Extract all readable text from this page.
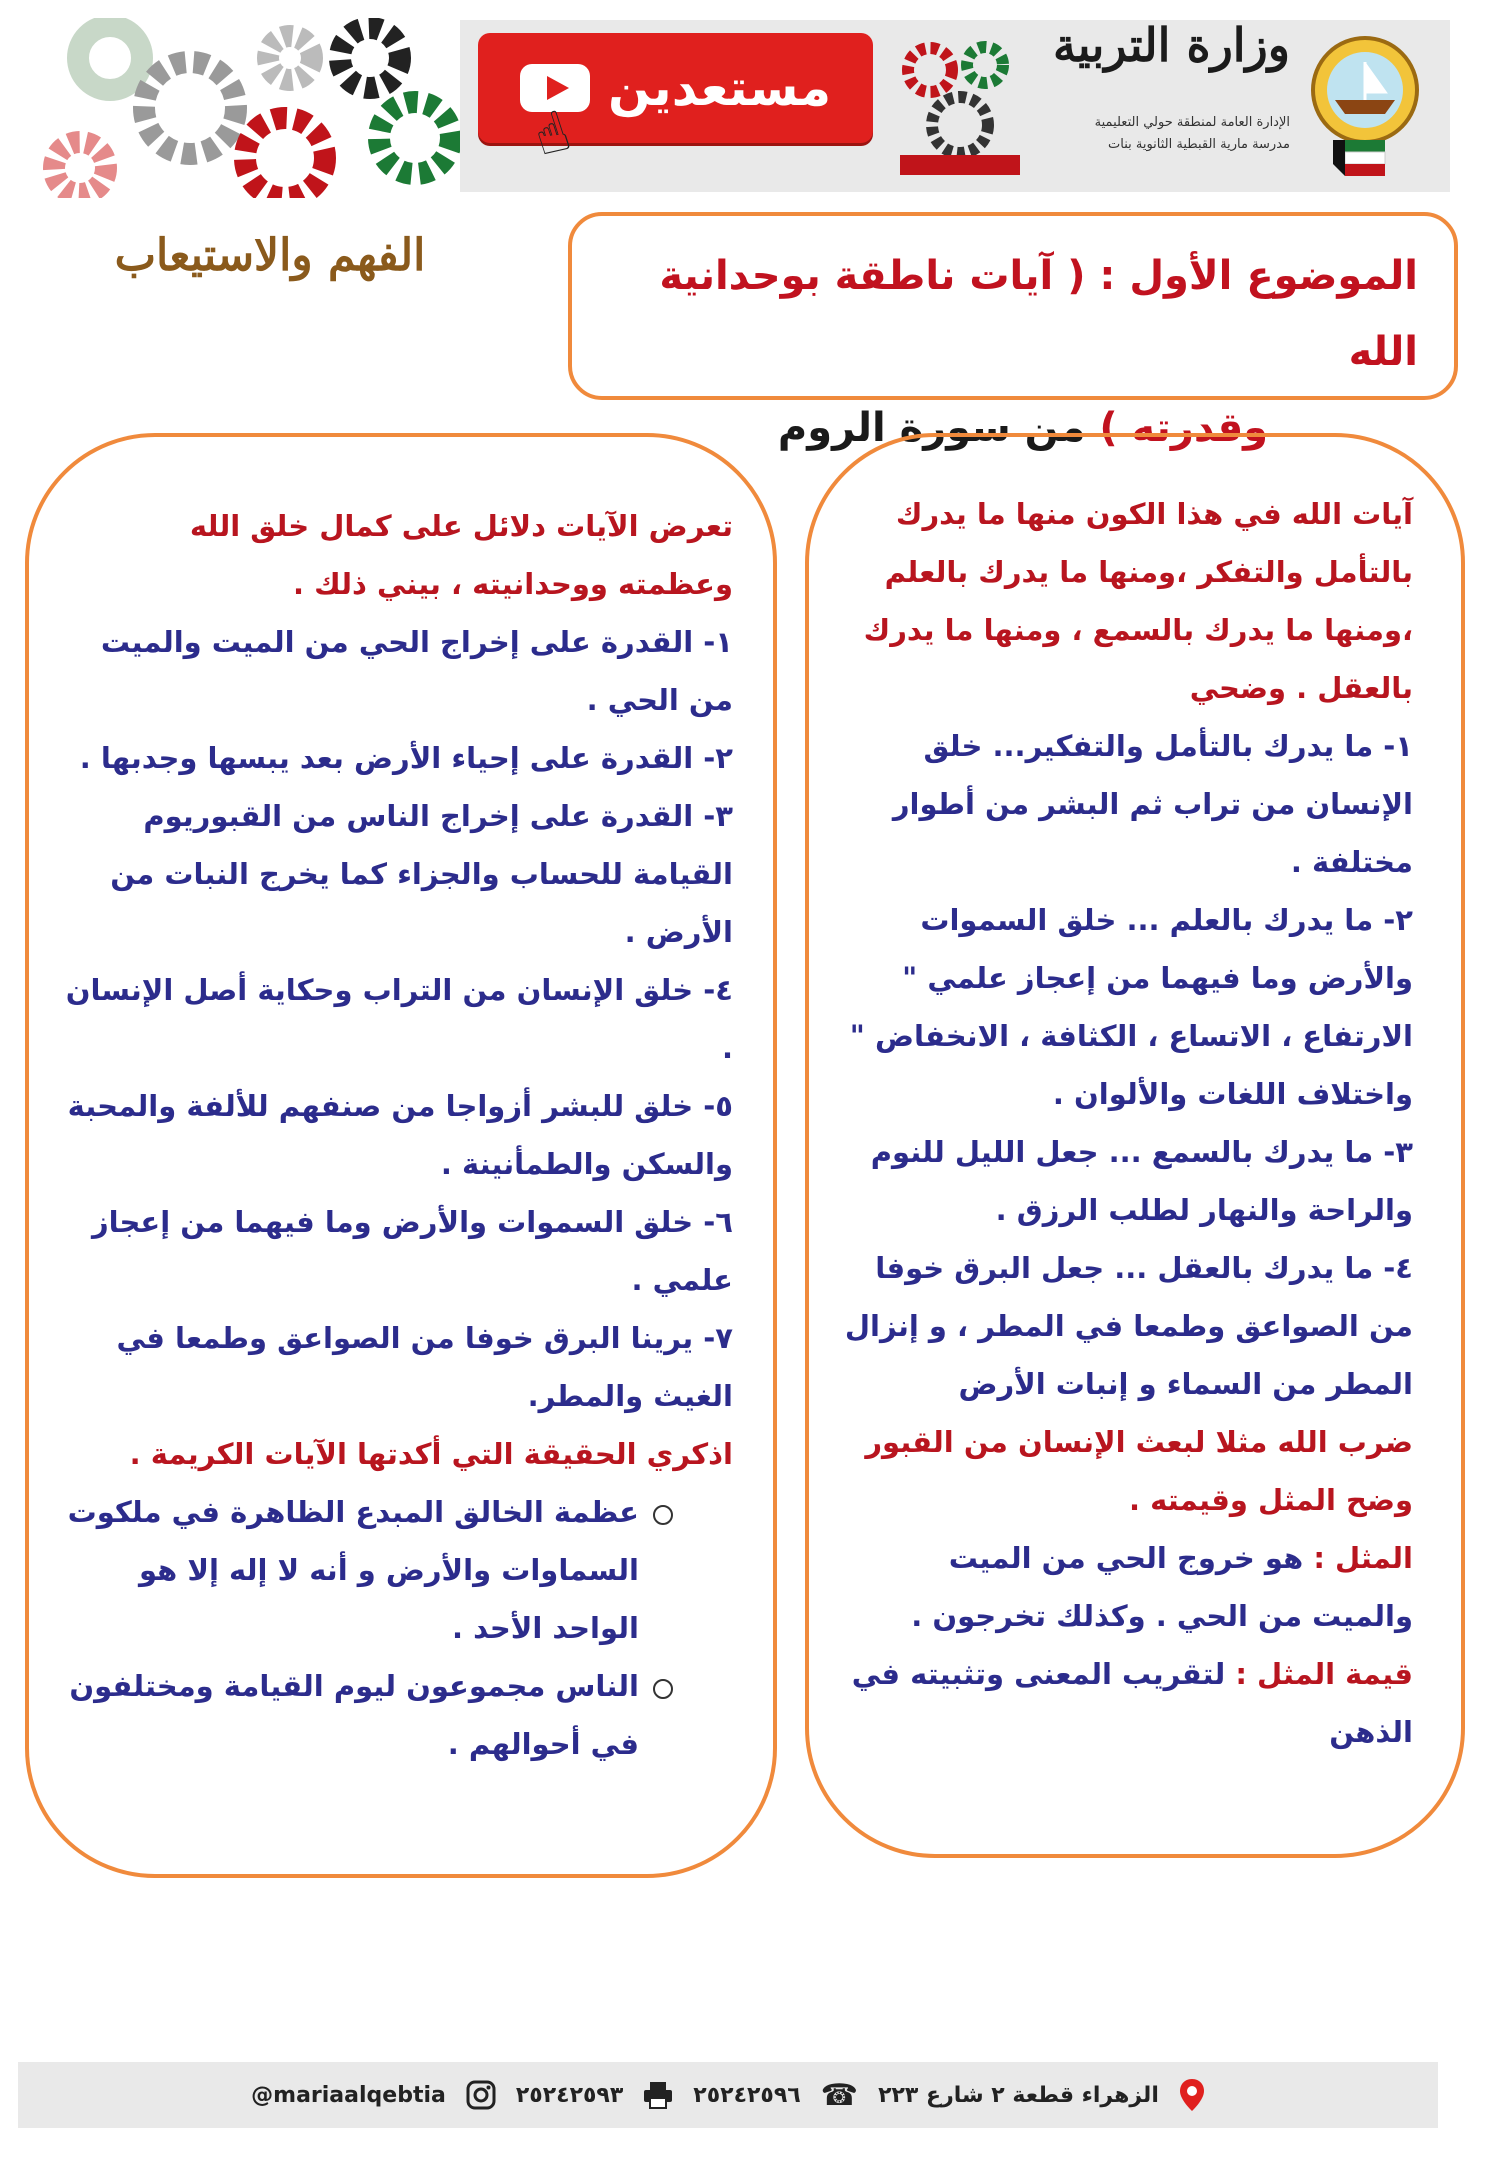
مستعدين
☝
وزارة التربية
الإدارة العامة لمنطقة حولي التعليمية
مدرسة مارية القبطية الثانوية بنات
الفهم والاستيعاب	الموضوع الأول : ( آيات ناطقة بوحدانية الله
وقدرته ) من سورة الروم

آيات الله في هذا الكون منها ما يدرك بالتأمل والتفكر ،ومنها ما يدرك بالعلم ،ومنها ما يدرك بالسمع ، ومنها ما يدرك بالعقل . وضحي

١- ما يدرك بالتأمل والتفكير... خلق الإنسان من تراب ثم البشر من أطوار مختلفة .

٢- ما يدرك بالعلم ... خلق السموات والأرض وما فيهما من إعجاز علمي " الارتفاع ، الاتساع ، الكثافة ، الانخفاض " واختلاف اللغات والألوان .

٣- ما يدرك بالسمع ... جعل الليل للنوم والراحة والنهار لطلب الرزق .

٤- ما يدرك بالعقل ... جعل البرق خوفا من الصواعق وطمعا في المطر ، و إنزال المطر من السماء و إنبات الأرض

ضرب الله مثلا لبعث الإنسان من القبور وضح المثل وقيمته .

المثل : هو خروج الحي من الميت والميت من الحي . وكذلك تخرجون .

قيمة المثل : لتقريب المعنى وتثبيته في الذهن

تعرض الآيات دلائل على كمال خلق الله وعظمته ووحدانيته ، بيني ذلك .

١- القدرة على إخراج الحي من الميت والميت من الحي .

٢- القدرة على إحياء الأرض بعد يبسها وجدبها .

٣- القدرة على إخراج الناس من القبوريوم القيامة للحساب والجزاء كما يخرج النبات من الأرض .

٤- خلق الإنسان من التراب وحكاية أصل الإنسان .

٥- خلق للبشر أزواجا من صنفهم للألفة والمحبة والسكن والطمأنينة .

٦- خلق السموات والأرض وما فيهما من إعجاز علمي .

٧- يرينا البرق خوفا من الصواعق وطمعا في الغيث والمطر.

اذكري الحقيقة التي أكدتها الآيات الكريمة .

عظمة الخالق المبدع الظاهرة في ملكوت السماوات والأرض و أنه لا إله إلا هو الواحد الأحد .
الناس مجموعون ليوم القيامة ومختلفون في أحوالهم .
الزهراء قطعة ٢ شارع ٢٢٣
☎
٢٥٢٤٢٥٩٦
٢٥٢٤٢٥٩٣
@mariaalqebtia
